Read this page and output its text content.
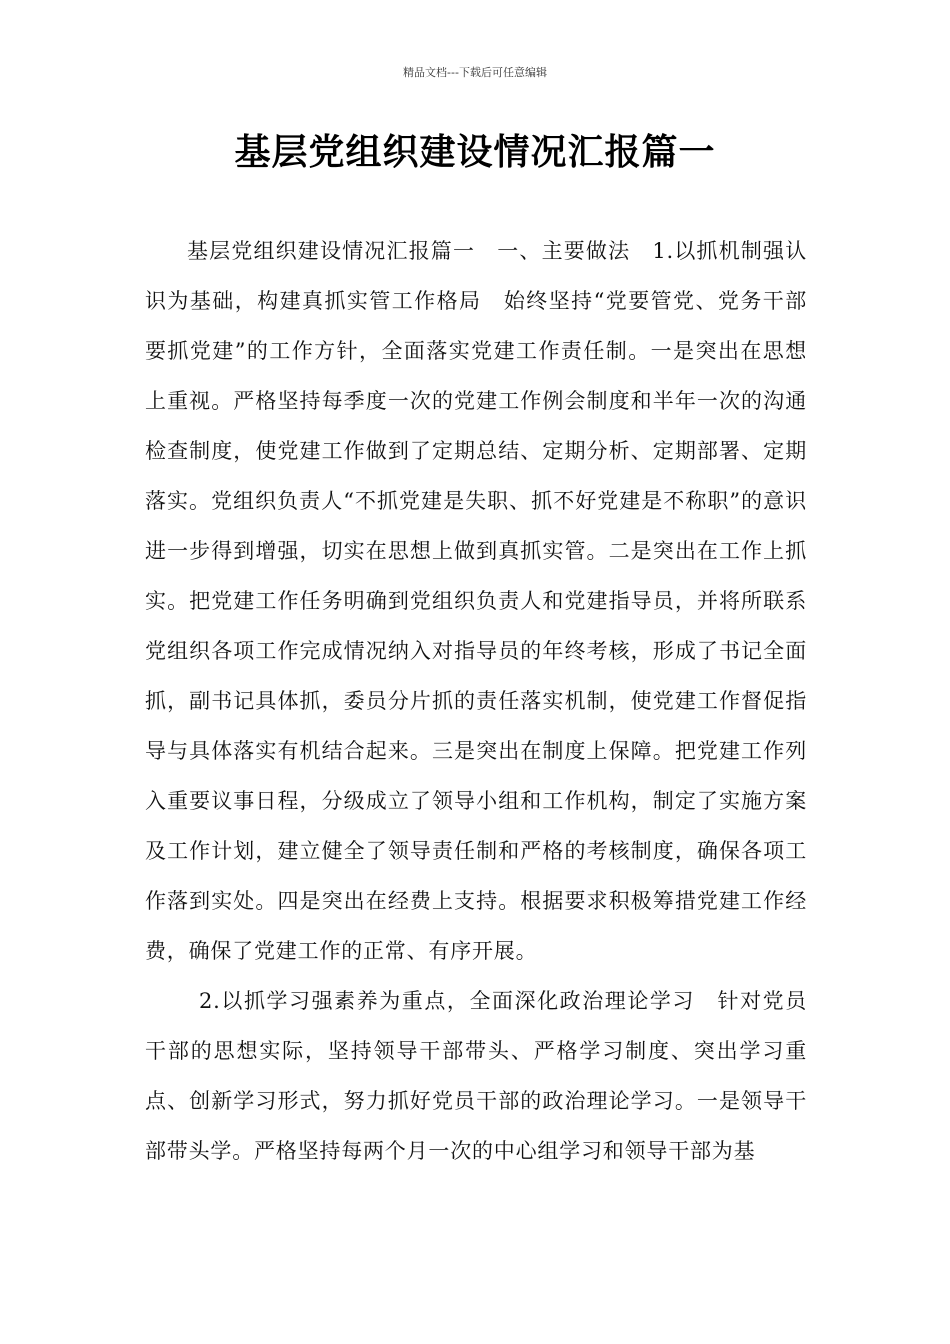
精品文档---下载后可任意编辑
基层党组织建设情况汇报篇一

基层党组织建设情况汇报篇一　一、主要做法　1.以抓机制强认识为基础，构建真抓实管工作格局　始终坚持“党要管党、党务干部要抓党建”的工作方针，全面落实党建工作责任制。一是突出在思想上重视。严格坚持每季度一次的党建工作例会制度和半年一次的沟通检查制度，使党建工作做到了定期总结、定期分析、定期部署、定期落实。党组织负责人“不抓党建是失职、抓不好党建是不称职”的意识进一步得到增强，切实在思想上做到真抓实管。二是突出在工作上抓实。把党建工作任务明确到党组织负责人和党建指导员，并将所联系党组织各项工作完成情况纳入对指导员的年终考核，形成了书记全面抓，副书记具体抓，委员分片抓的责任落实机制，使党建工作督促指导与具体落实有机结合起来。三是突出在制度上保障。把党建工作列入重要议事日程，分级成立了领导小组和工作机构，制定了实施方案及工作计划，建立健全了领导责任制和严格的考核制度，确保各项工作落到实处。四是突出在经费上支持。根据要求积极筹措党建工作经费，确保了党建工作的正常、有序开展。

2.以抓学习强素养为重点，全面深化政治理论学习　针对党员干部的思想实际，坚持领导干部带头、严格学习制度、突出学习重点、创新学习形式，努力抓好党员干部的政治理论学习。一是领导干部带头学。严格坚持每两个月一次的中心组学习和领导干部为基
